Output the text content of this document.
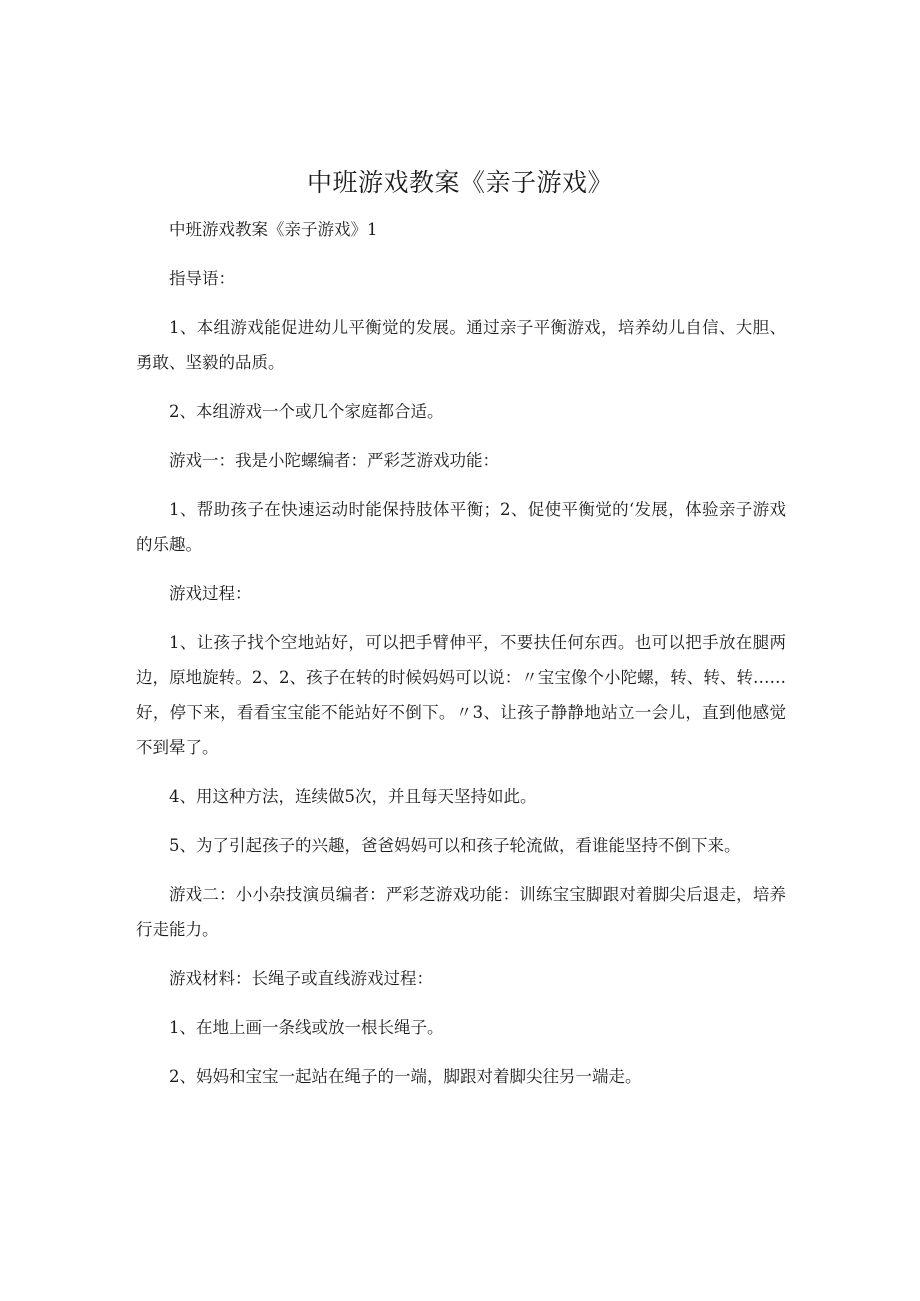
中班游戏教案《亲子游戏》

中班游戏教案《亲子游戏》1

指导语：

1、本组游戏能促进幼儿平衡觉的发展。通过亲子平衡游戏，培养幼儿自信、大胆、勇敢、坚毅的品质。

2、本组游戏一个或几个家庭都合适。

游戏一：我是小陀螺编者：严彩芝游戏功能：

1、帮助孩子在快速运动时能保持肢体平衡；2、促使平衡觉的‘发展，体验亲子游戏的乐趣。

游戏过程：

1、让孩子找个空地站好，可以把手臂伸平，不要扶任何东西。也可以把手放在腿两边，原地旋转。2、2、孩子在转的时候妈妈可以说：〃宝宝像个小陀螺，转、转、转……好，停下来，看看宝宝能不能站好不倒下。〃3、让孩子静静地站立一会儿，直到他感觉不到晕了。

4、用这种方法，连续做5次，并且每天坚持如此。

5、为了引起孩子的兴趣，爸爸妈妈可以和孩子轮流做，看谁能坚持不倒下来。

游戏二：小小杂技演员编者：严彩芝游戏功能：训练宝宝脚跟对着脚尖后退走，培养行走能力。

游戏材料：长绳子或直线游戏过程：

1、在地上画一条线或放一根长绳子。

2、妈妈和宝宝一起站在绳子的一端，脚跟对着脚尖往另一端走。
